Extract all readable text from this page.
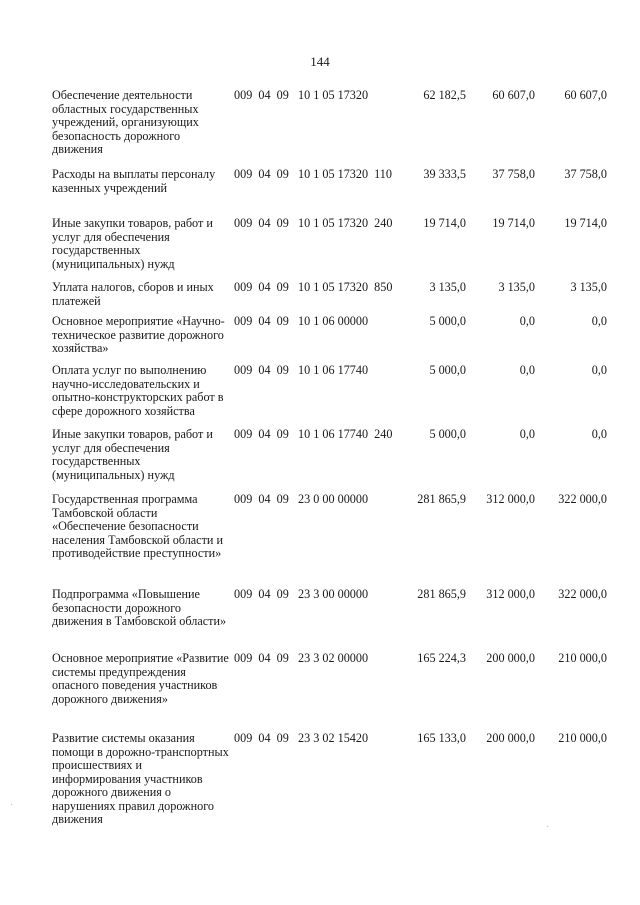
144
Обеспечение деятельности областных государственных учреждений, организующих безопасность дорожного движения
009  04  09   10 1 05 17320	62 182,5	60 607,0	60 607,0
Расходы на выплаты персоналу казенных учреждений
009  04  09   10 1 05 17320  110	39 333,5	37 758,0	37 758,0
Иные закупки товаров, работ и услуг для обеспечения государственных (муниципальных) нужд
009  04  09   10 1 05 17320  240	19 714,0	19 714,0	19 714,0
Уплата налогов, сборов и иных платежей
009  04  09   10 1 05 17320  850	3 135,0	3 135,0	3 135,0
Основное мероприятие «Научно-техническое развитие дорожного хозяйства»
009  04  09   10 1 06 00000	5 000,0	0,0	0,0
Оплата услуг по выполнению научно-исследовательских и опытно-конструкторских работ в сфере дорожного хозяйства
009  04  09   10 1 06 17740	5 000,0	0,0	0,0
Иные закупки товаров, работ и услуг для обеспечения государственных (муниципальных) нужд
009  04  09   10 1 06 17740  240	5 000,0	0,0	0,0
Государственная программа Тамбовской области «Обеспечение безопасности населения Тамбовской области и противодействие преступности»
009  04  09   23 0 00 00000	281 865,9	312 000,0	322 000,0
Подпрограмма «Повышение безопасности дорожного движения в Тамбовской области»
009  04  09   23 3 00 00000	281 865,9	312 000,0	322 000,0
Основное мероприятие «Развитие системы предупреждения опасного поведения участников дорожного движения»
009  04  09   23 3 02 00000	165 224,3	200 000,0	210 000,0
Развитие системы оказания помощи в дорожно-транспортных происшествиях и информирования участников дорожного движения о нарушениях правил дорожного движения
009  04  09   23 3 02 15420	165 133,0	200 000,0	210 000,0
·
·
